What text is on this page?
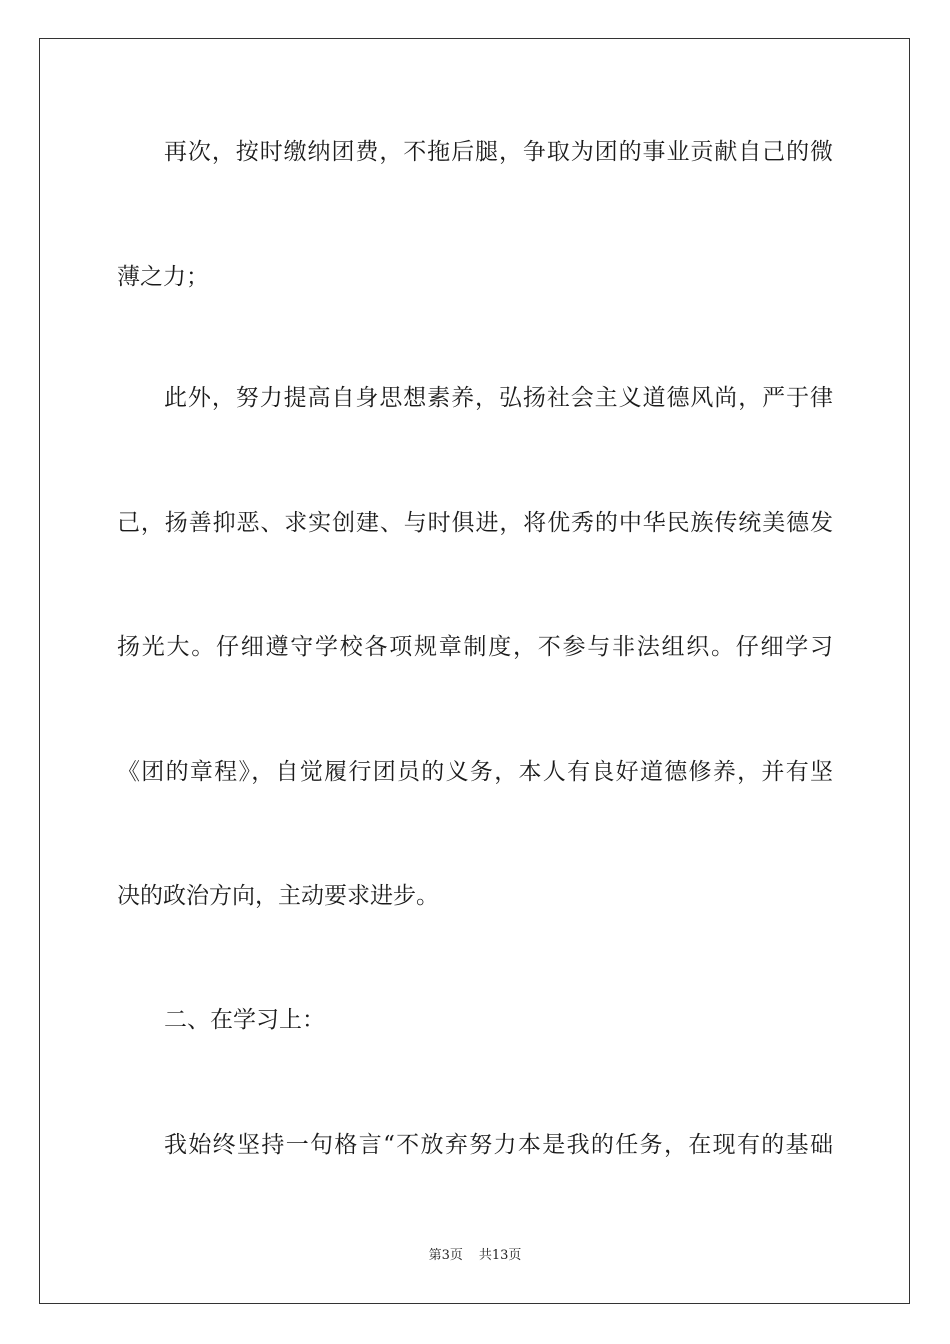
再次，按时缴纳团费，不拖后腿，争取为团的事业贡献自己的微
薄之力；
此外，努力提高自身思想素养，弘扬社会主义道德风尚，严于律
己，扬善抑恶、求实创建、与时俱进，将优秀的中华民族传统美德发
扬光大。仔细遵守学校各项规章制度，不参与非法组织。仔细学习
《团的章程》，自觉履行团员的义务，本人有良好道德修养，并有坚
决的政治方向，主动要求进步。
二、在学习上：
我始终坚持一句格言“不放弃努力本是我的任务，在现有的基础
第3页 共13页
